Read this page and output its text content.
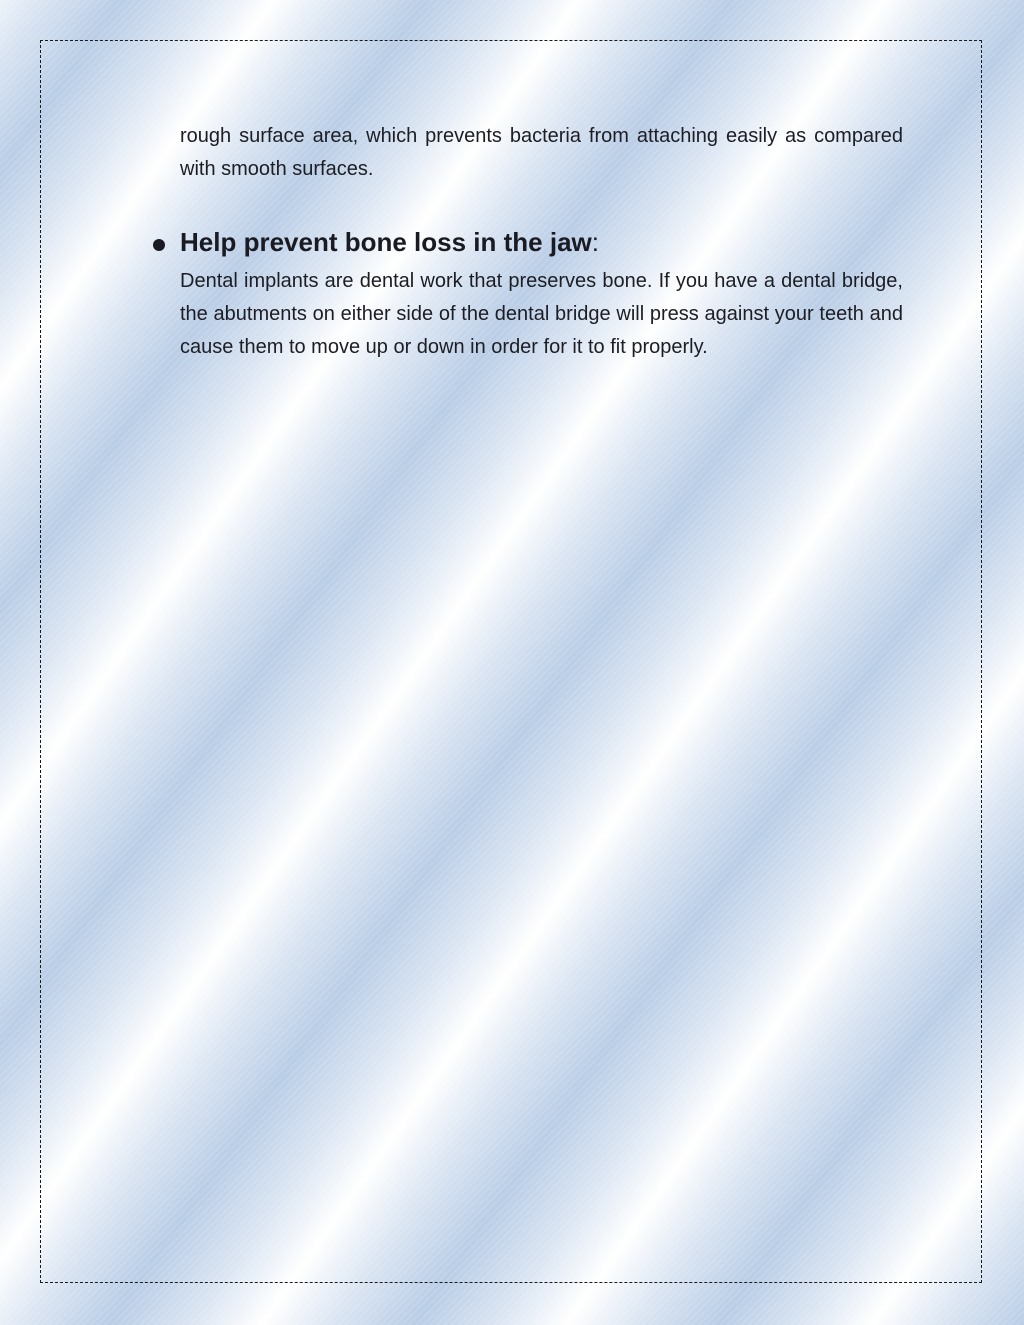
rough surface area, which prevents bacteria from attaching easily as compared with smooth surfaces.

Help prevent bone loss in the jaw:

Dental implants are dental work that preserves bone. If you have a dental bridge, the abutments on either side of the dental bridge will press against your teeth and cause them to move up or down in order for it to fit properly.
